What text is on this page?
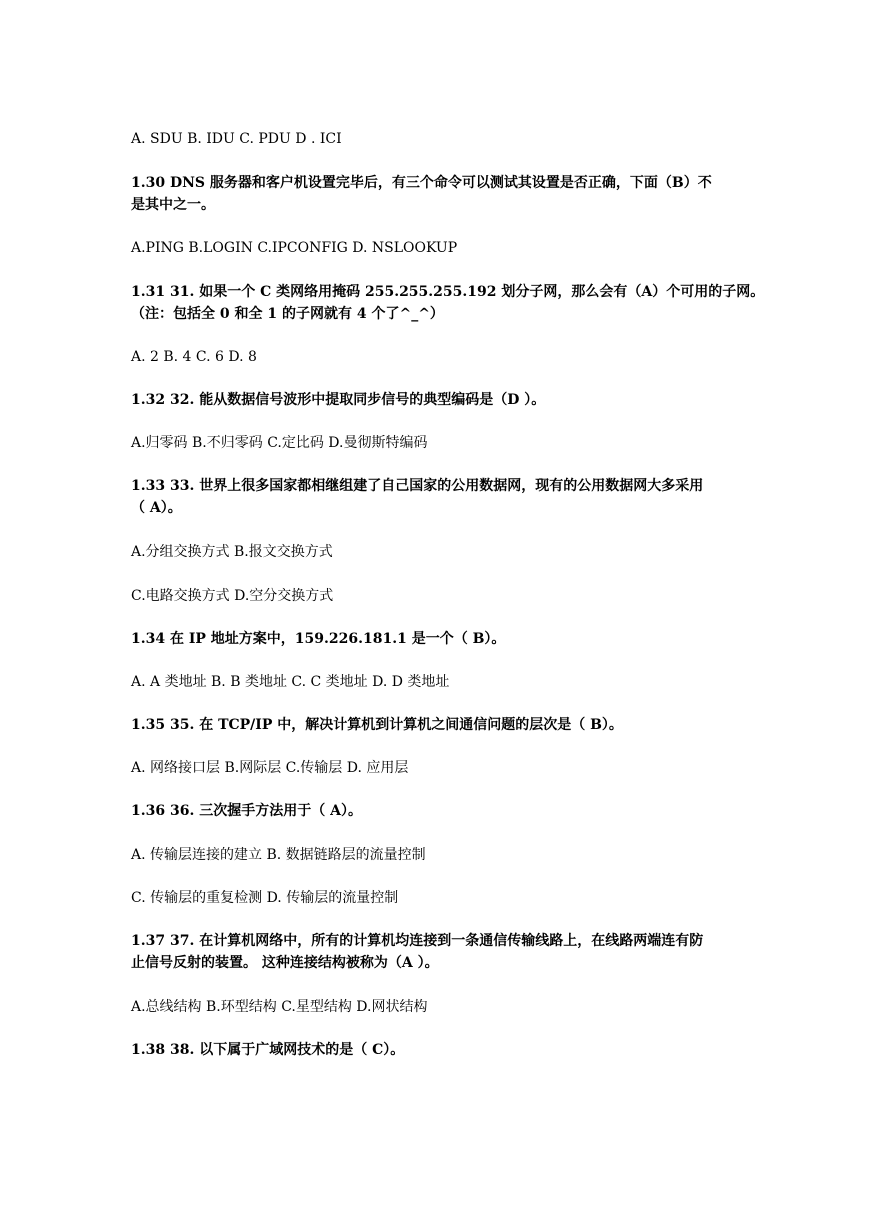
A. SDU B. IDU C. PDU D . ICI
1.30 DNS 服务器和客户机设置完毕后，有三个命令可以测试其设置是否正确，下面（B）不
是其中之一。
A.PING B.LOGIN C.IPCONFIG D. NSLOOKUP
1.31 31. 如果一个 C 类网络用掩码 255.255.255.192 划分子网，那么会有（A）个可用的子网。
（注：包括全 0 和全 1 的子网就有 4 个了^_^）
A. 2 B. 4 C. 6 D. 8
1.32 32. 能从数据信号波形中提取同步信号的典型编码是（D ）。
A.归零码 B.不归零码 C.定比码 D.曼彻斯特编码
1.33 33. 世界上很多国家都相继组建了自己国家的公用数据网，现有的公用数据网大多采用
（ A）。
A.分组交换方式 B.报文交换方式
C.电路交换方式 D.空分交换方式
1.34 在 IP 地址方案中，159.226.181.1 是一个（ B）。
A. A 类地址 B. B 类地址 C. C 类地址 D. D 类地址
1.35 35. 在 TCP/IP 中，解决计算机到计算机之间通信问题的层次是（ B）。
A. 网络接口层 B.网际层 C.传输层 D. 应用层
1.36 36. 三次握手方法用于（ A）。
A. 传输层连接的建立 B. 数据链路层的流量控制
C. 传输层的重复检测 D. 传输层的流量控制
1.37 37. 在计算机网络中，所有的计算机均连接到一条通信传输线路上，在线路两端连有防
止信号反射的装置。 这种连接结构被称为（A ）。
A.总线结构 B.环型结构 C.星型结构 D.网状结构
1.38 38. 以下属于广域网技术的是（ C）。
